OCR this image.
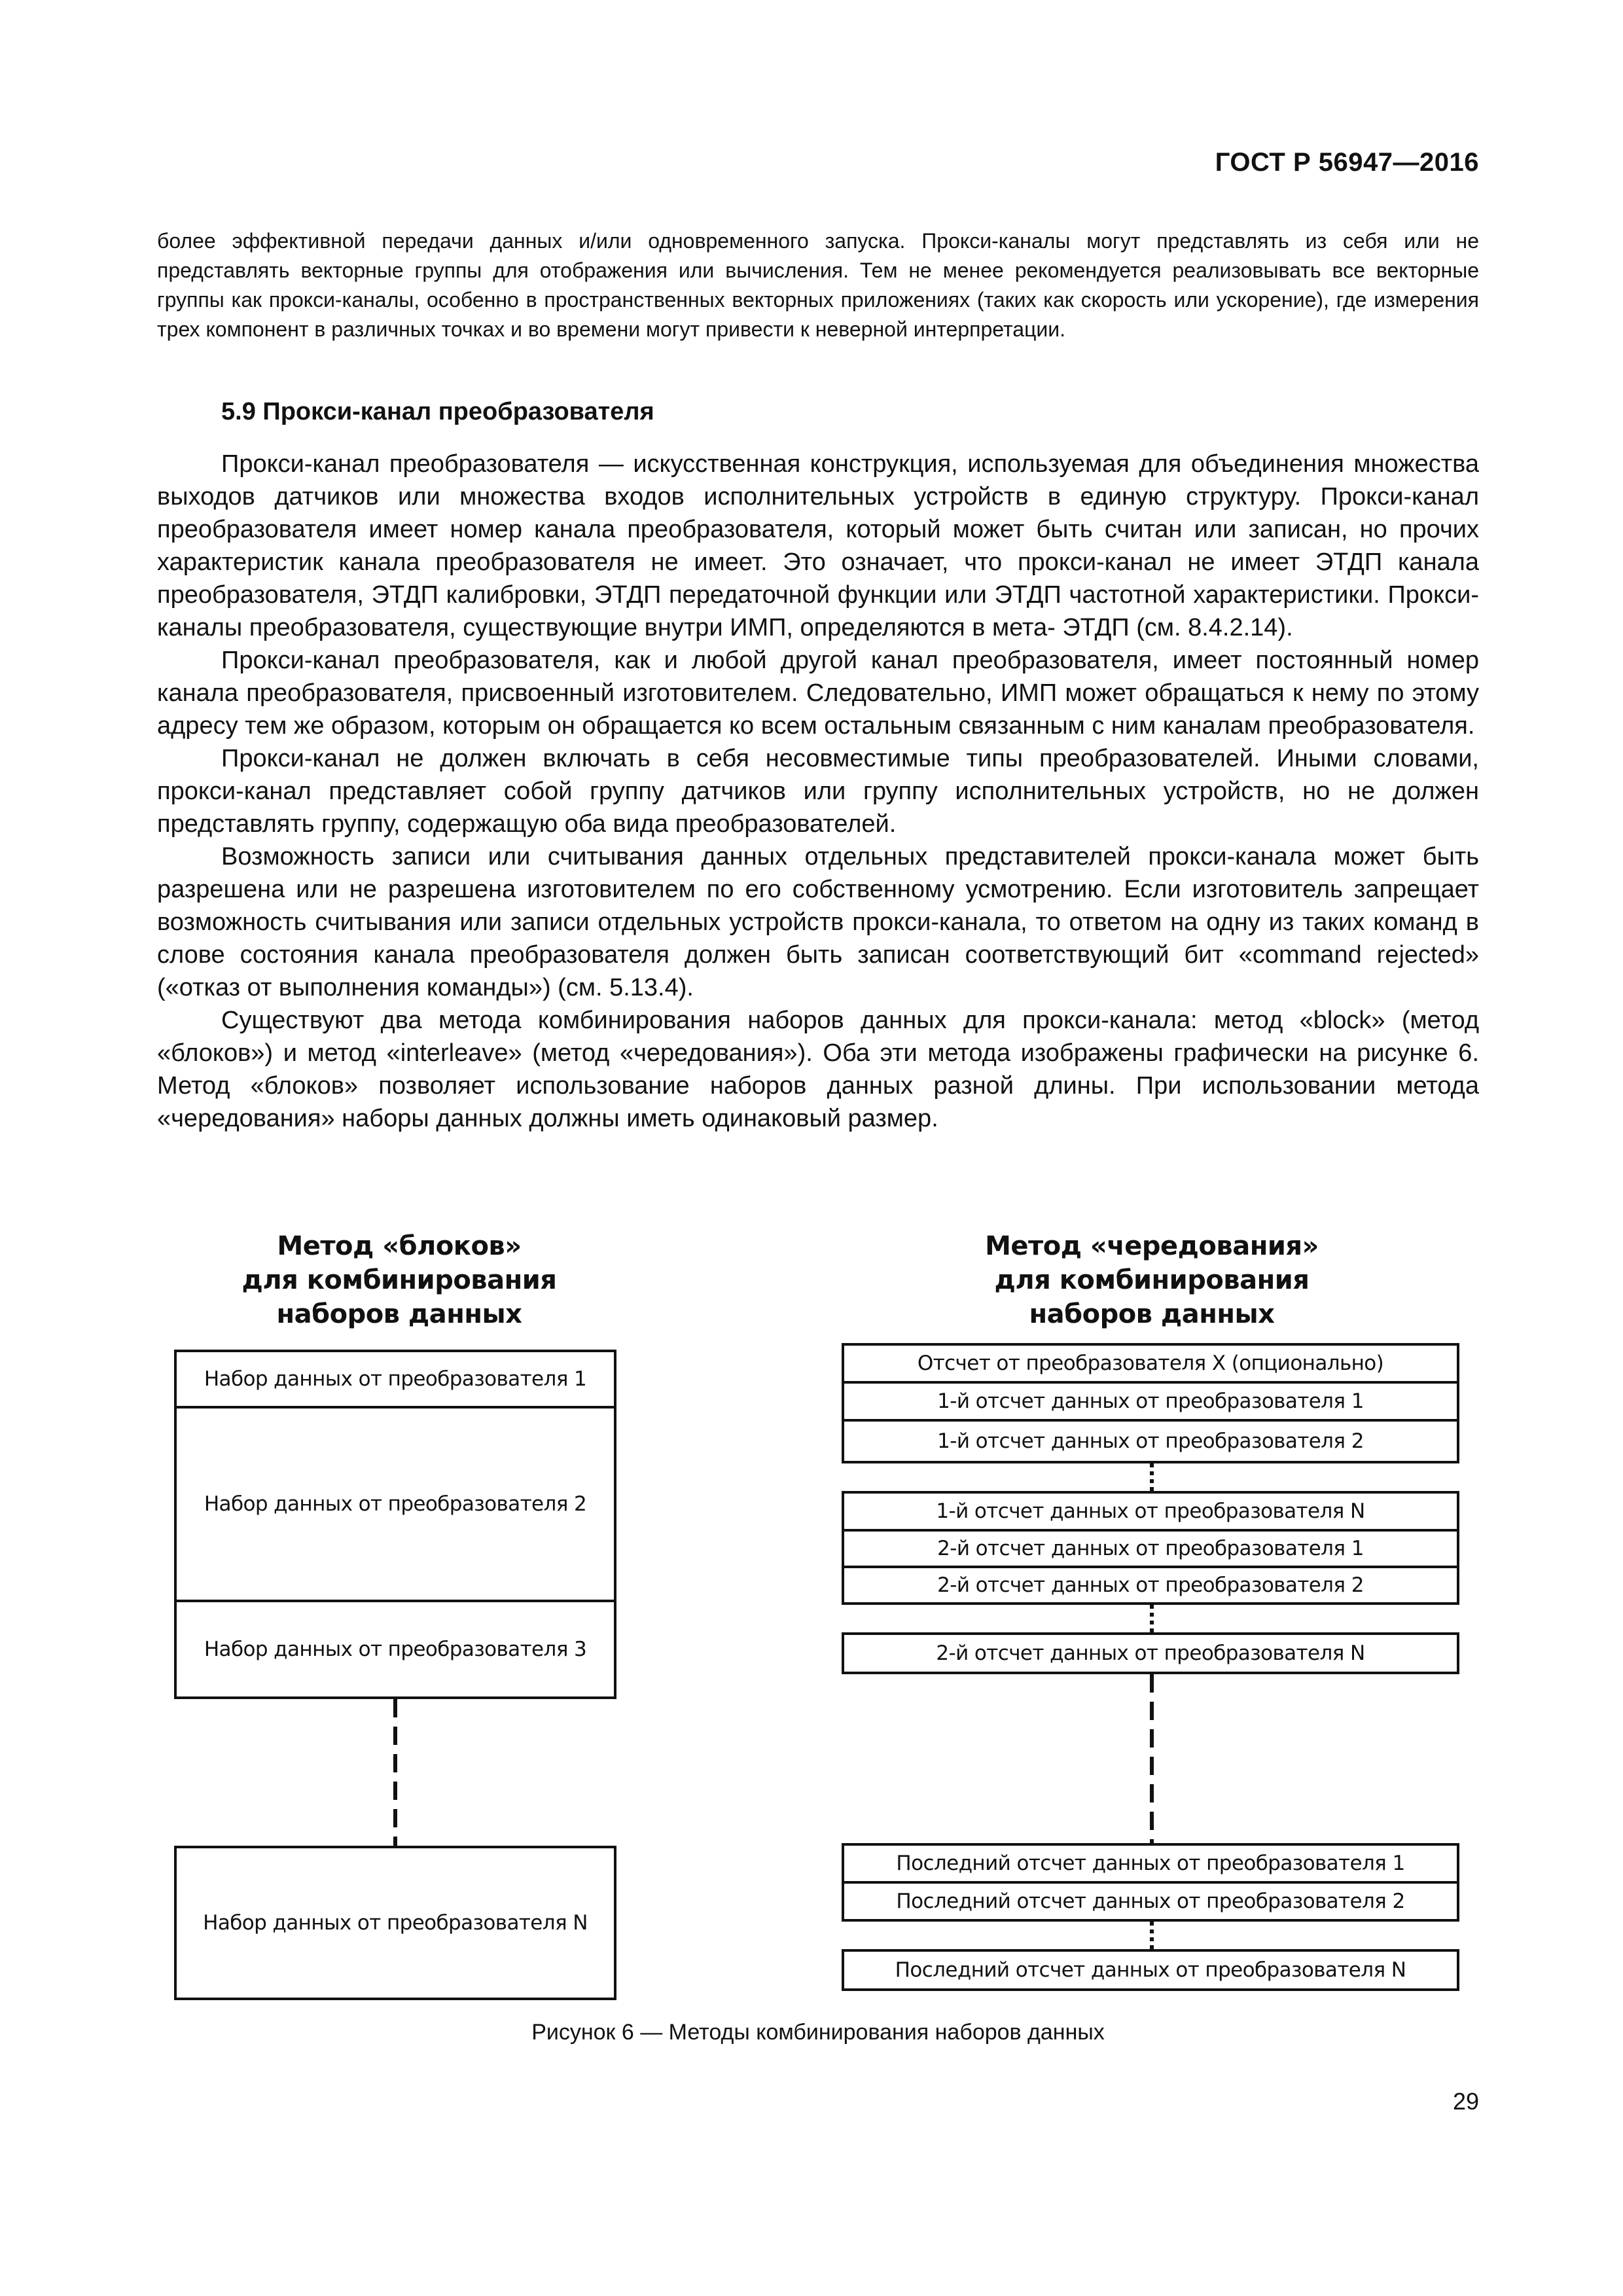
ГОСТ Р 56947—2016
более эффективной передачи данных и/или одновременного запуска. Прокси-каналы могут представлять из себя или не представлять векторные группы для отображения или вычисления. Тем не менее рекомендуется реализовывать все векторные группы как прокси-каналы, особенно в пространственных векторных приложениях (таких как скорость или ускорение), где измерения трех компонент в различных точках и во времени могут привести к неверной интерпретации.
5.9 Прокси-канал преобразователя

Прокси-канал преобразователя — искусственная конструкция, используемая для объединения множества выходов датчиков или множества входов исполнительных устройств в единую структуру. Прокси-канал преобразователя имеет номер канала преобразователя, который может быть считан или записан, но прочих характеристик канала преобразователя не имеет. Это означает, что прокси-канал не имеет ЭТДП канала преобразователя, ЭТДП калибровки, ЭТДП передаточной функции или ЭТДП частотной характеристики. Прокси-каналы преобразователя, существующие внутри ИМП, определяются в мета- ЭТДП (см. 8.4.2.14).

Прокси-канал преобразователя, как и любой другой канал преобразователя, имеет постоянный номер канала преобразователя, присвоенный изготовителем. Следовательно, ИМП может обращаться к нему по этому адресу тем же образом, которым он обращается ко всем остальным связанным с ним каналам преобразователя.

Прокси-канал не должен включать в себя несовместимые типы преобразователей. Иными словами, прокси-канал представляет собой группу датчиков или группу исполнительных устройств, но не должен представлять группу, содержащую оба вида преобразователей.

Возможность записи или считывания данных отдельных представителей прокси-канала может быть разрешена или не разрешена изготовителем по его собственному усмотрению. Если изготовитель запрещает возможность считывания или записи отдельных устройств прокси-канала, то ответом на одну из таких команд в слове состояния канала преобразователя должен быть записан соответствующий бит «command rejected» («отказ от выполнения команды») (см. 5.13.4).

Существуют два метода комбинирования наборов данных для прокси-канала: метод «block» (метод «блоков») и метод «interleave» (метод «чередования»). Оба эти метода изображены графически на рисунке 6. Метод «блоков» позволяет использование наборов данных разной длины. При использовании метода «чередования» наборы данных должны иметь одинаковый размер.

Метод «блоков»
для комбинирования
наборов данных
Метод «чередования»
для комбинирования
наборов данных
Набор данных от преобразователя 1
Набор данных от преобразователя 2
Набор данных от преобразователя 3
Набор данных от преобразователя N
Отсчет от преобразователя X (опционально)
1-й отсчет данных от преобразователя 1
1-й отсчет данных от преобразователя 2
1-й отсчет данных от преобразователя N
2-й отсчет данных от преобразователя 1
2-й отсчет данных от преобразователя 2
2-й отсчет данных от преобразователя N
Последний отсчет данных от преобразователя 1
Последний отсчет данных от преобразователя 2
Последний отсчет данных от преобразователя N
Рисунок 6 — Методы комбинирования наборов данных
29
